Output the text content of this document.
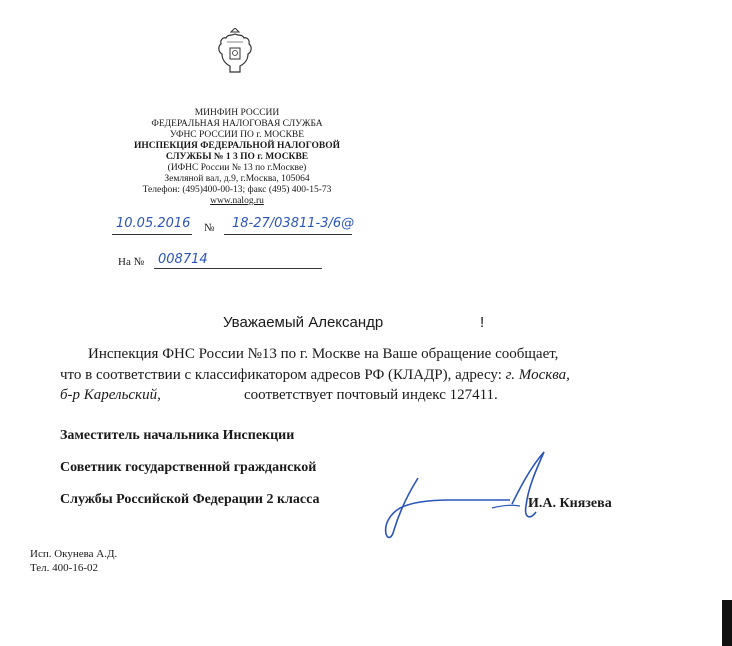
МИНФИН РОССИИ
ФЕДЕРАЛЬНАЯ НАЛОГОВАЯ СЛУЖБА
УФНС РОССИИ ПО г. МОСКВЕ
ИНСПЕКЦИЯ ФЕДЕРАЛЬНОЙ НАЛОГОВОЙ
СЛУЖБЫ № 1 3 ПО г. МОСКВЕ
(ИФНС России № 13 по г.Москве)
Земляной вал, д.9, г.Москва, 105064
Телефон: (495)400-00-13; факс (495) 400-15-73
www.nalog.ru
10.05.2016 № 18-27/03811-3/6@
На № 008714
Уважаемый Александр	!
Инспекция ФНС России №13 по г. Москве на Ваше обращение сообщает,
что в соответствии с классификатором адресов РФ (КЛАДР), адресу: г. Москва,
б-р Карельский,	соответствует почтовый индекс 127411.
Заместитель начальника Инспекции
Советник государственной гражданской
Службы Российской Федерации 2 класса	И.А. Князева
Исп. Окунева А.Д.
Тел. 400-16-02
